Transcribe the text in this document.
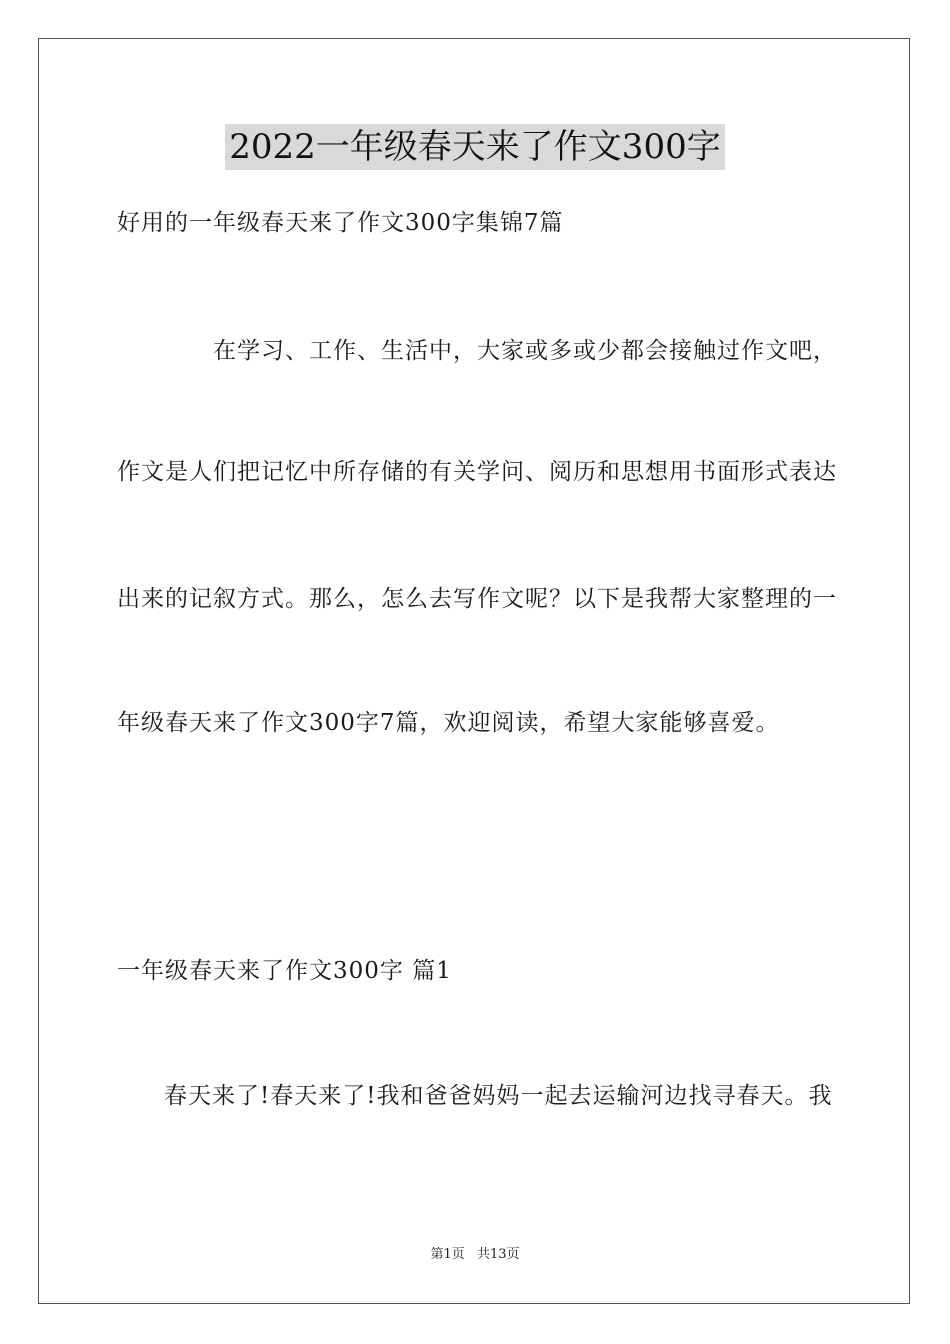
2022一年级春天来了作文300字
好用的一年级春天来了作文300字集锦7篇
在学习、工作、生活中，大家或多或少都会接触过作文吧，
作文是人们把记忆中所存储的有关学问、阅历和思想用书面形式表达
出来的记叙方式。那么，怎么去写作文呢？以下是我帮大家整理的一
年级春天来了作文300字7篇，欢迎阅读，希望大家能够喜爱。
一年级春天来了作文300字 篇1
春天来了!春天来了!我和爸爸妈妈一起去运输河边找寻春天。我
第1页 共13页
